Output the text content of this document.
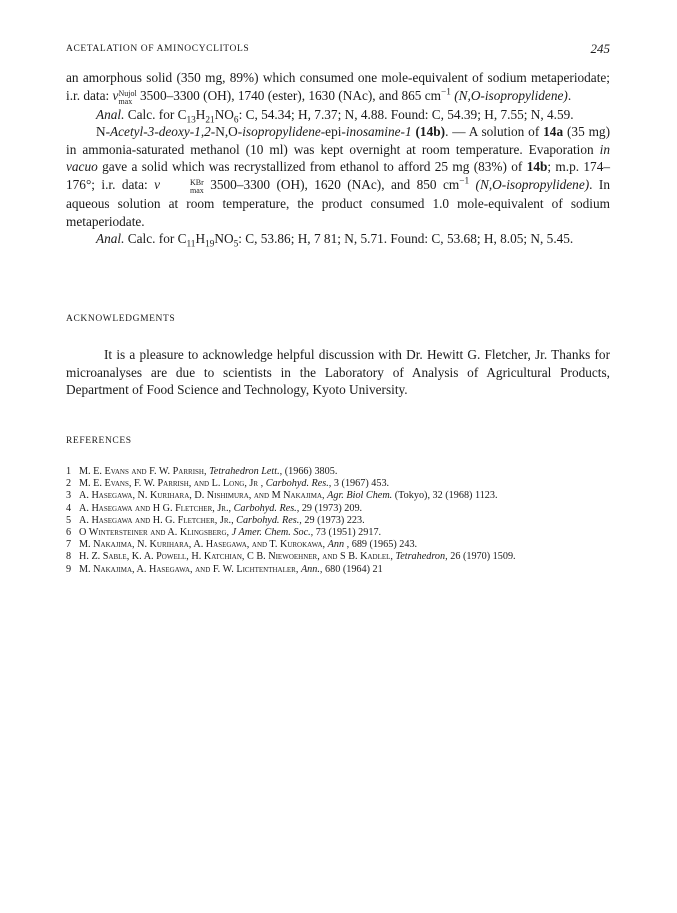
ACETALATION OF AMINOCYCLITOLS	245

an amorphous solid (350 mg, 89%) which consumed one mole-equivalent of sodium metaperiodate; i.r. data: ν Nujol
max 3500–3300 (OH), 1740 (ester), 1630 (NAc), and 865 $cm^{-1}$ (N,O-isopropylidene).

Anal. Calc. for $C_{13}H_{21}NO_6$: C, 54.34; H, 7.37; N, 4.88. Found: C, 54.39; H, 7.55; N, 4.59.

N-Acetyl-3-deoxy-1,2-N,O-isopropylidene-epi-inosamine-1 (14b). — A solution of 14a (35 mg) in ammonia-saturated methanol (10 ml) was kept overnight at room temperature. Evaporation in vacuo gave a solid which was recrystallized from ethanol to afford 25 mg (83%) of 14b; m.p. 174–176°; i.r. data: ν	KBr
max 3500–3300 (OH), 1620 (NAc), and 850 $cm^{-1}$ (N,O-isopropylidene). In aqueous solution at room temperature, the product consumed 1.0 mole-equivalent of sodium metaperiodate.

Anal. Calc. for $C_{11}H_{19}NO_5$: C, 53.86; H, 7 81; N, 5.71. Found: C, 53.68; H, 8.05; N, 5.45.

ACKNOWLEDGMENTS

It is a pleasure to acknowledge helpful discussion with Dr. Hewitt G. Fletcher, Jr. Thanks for microanalyses are due to scientists in the Laboratory of Analysis of Agricultural Products, Department of Food Science and Technology, Kyoto University.

REFERENCES
1 M. E. Evans and F. W. Parrish, Tetrahedron Lett., (1966) 3805.
2 M. E. Evans, F. W. Parrish, and L. Long, Jr , Carbohyd. Res., 3 (1967) 453.
3 A. Hasegawa, N. Kurihara, D. Nishimura, and M Nakajima, Agr. Biol Chem. (Tokyo), 32 (1968) 1123.
4 A. Hasegawa and H G. Fletcher, Jr., Carbohyd. Res., 29 (1973) 209.
5 A. Hasegawa and H. G. Fletcher, Jr., Carbohyd. Res., 29 (1973) 223.
6 O Wintersteiner and A. Klingsberg, J Amer. Chem. Soc., 73 (1951) 2917.
7 M. Nakajima, N. Kurihara, A. Hasegawa, and T. Kurokawa, Ann , 689 (1965) 243.
8 H. Z. Sable, K. A. Powell, H. Katchian, C B. Niewoehner, and S B. Kadlel, Tetrahedron, 26 (1970) 1509.
9 M. Nakajima, A. Hasegawa, and F. W. Lichtenthaler, Ann., 680 (1964) 21
